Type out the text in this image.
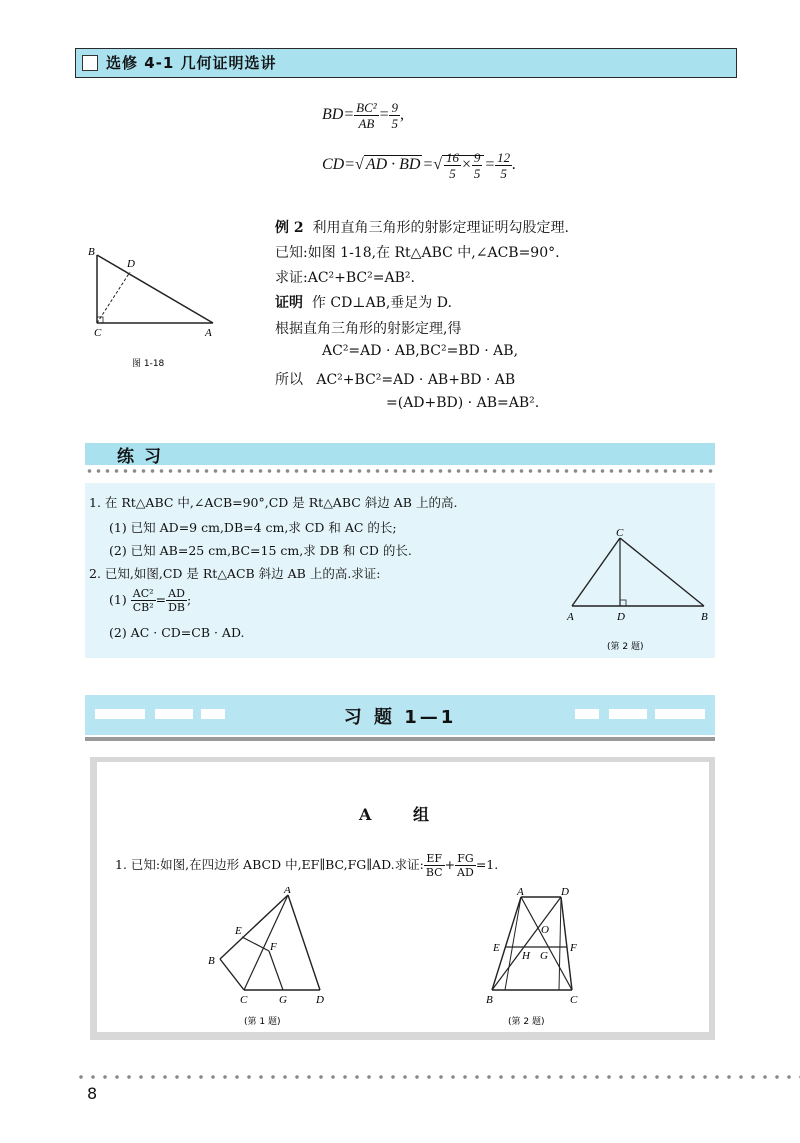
选修 4-1 几何证明选讲
$BD= \frac{\text{BC²}}{AB} = \frac{9}{5}$ ,
CD=√ AD · BD =√ $\frac{16}{5} \times \frac{9}{5} = \frac{12}{5}$ .
B
D
C	A
图 1-18
例 2 利用直角三角形的射影定理证明勾股定理.
已知:如图 1-18,在 Rt△ABC 中,∠ACB=90°.
求证:AC²+BC²=AB².
证明 作 CD⊥AB,垂足为 D.
根据直角三角形的射影定理,得
AC²=AD · AB,BC²=BD · AB,
所以 AC²+BC²=AD · AB+BD · AB
=(AD+BD) · AB=AB².
练习
1. 在 Rt△ABC 中,∠ACB=90°,CD 是 Rt△ABC 斜边 AB 上的高.
(1) 已知 AD=9 cm,DB=4 cm,求 CD 和 AC 的长;
(2) 已知 AB=25 cm,BC=15 cm,求 DB 和 CD 的长.
2. 已知,如图,CD 是 Rt△ACB 斜边 AB 上的高.求证:
$(1) \frac{\text{AC²}}{\text{CB²}} = \frac{AD}{DB}$ ;
(2) AC · CD=CB · AD.
C
A	D	B
(第 2 题)
习 题 1—1
A 组
1. 已知:如图,在四边形 ABCD 中,EF∥BC,FG∥AD.求证: $\frac{EF}{BC} + \frac{FG}{AD} =1$.
A
E
B
F
C	G	D
(第 1 题)
A	D
O
E	F
H G
B	C
(第 2 题)
8
